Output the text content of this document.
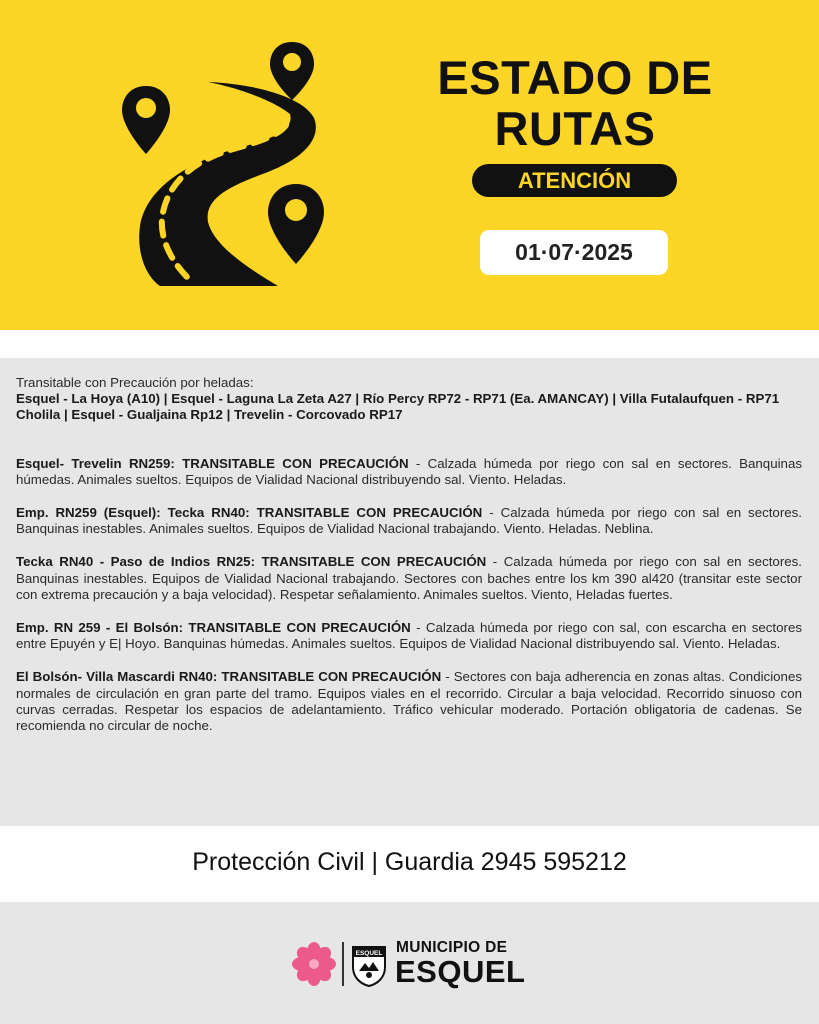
ESTADO DE
RUTAS
ATENCIÓN
01·07·2025
Transitable con Precaución por heladas:
Esquel - La Hoya (A10) | Esquel - Laguna La Zeta A27 | Río Percy RP72 - RP71 (Ea. AMANCAY) | Villa Futalaufquen - RP71 Cholila | Esquel - Gualjaina Rp12 | Trevelin - Corcovado RP17

Esquel- Trevelin RN259: TRANSITABLE CON PRECAUCIÓN - Calzada húmeda por riego con sal en sectores. Banquinas húmedas. Animales sueltos. Equipos de Vialidad Nacional distribuyendo sal. Viento. Heladas.

Emp. RN259 (Esquel): Tecka RN40: TRANSITABLE CON PRECAUCIÓN - Calzada húmeda por riego con sal en sectores. Banquinas inestables. Animales sueltos. Equipos de Vialidad Nacional trabajando. Viento. Heladas. Neblina.

Tecka RN40 - Paso de Indios RN25: TRANSITABLE CON PRECAUCIÓN - Calzada húmeda por riego con sal en sectores. Banquinas inestables. Equipos de Vialidad Nacional trabajando. Sectores con baches entre los km 390 al420 (transitar este sector con extrema precaución y a baja velocidad). Respetar señalamiento. Animales sueltos. Viento, Heladas fuertes.

Emp. RN 259 - El Bolsón: TRANSITABLE CON PRECAUCIÓN - Calzada húmeda por riego con sal, con escarcha en sectores entre Epuyén y E| Hoyo. Banquinas húmedas. Animales sueltos. Equipos de Vialidad Nacional distribuyendo sal. Viento. Heladas.

El Bolsón- Villa Mascardi RN40: TRANSITABLE CON PRECAUCIÓN - Sectores con baja adherencia en zonas altas. Condiciones normales de circulación en gran parte del tramo. Equipos viales en el recorrido. Circular a baja velocidad. Recorrido sinuoso con curvas cerradas. Respetar los espacios de adelantamiento. Tráfico vehicular moderado. Portación obligatoria de cadenas. Se recomienda no circular de noche.

Protección Civil | Guardia 2945 595212
ESQUEL MUNICIPIO DE
ESQUEL
